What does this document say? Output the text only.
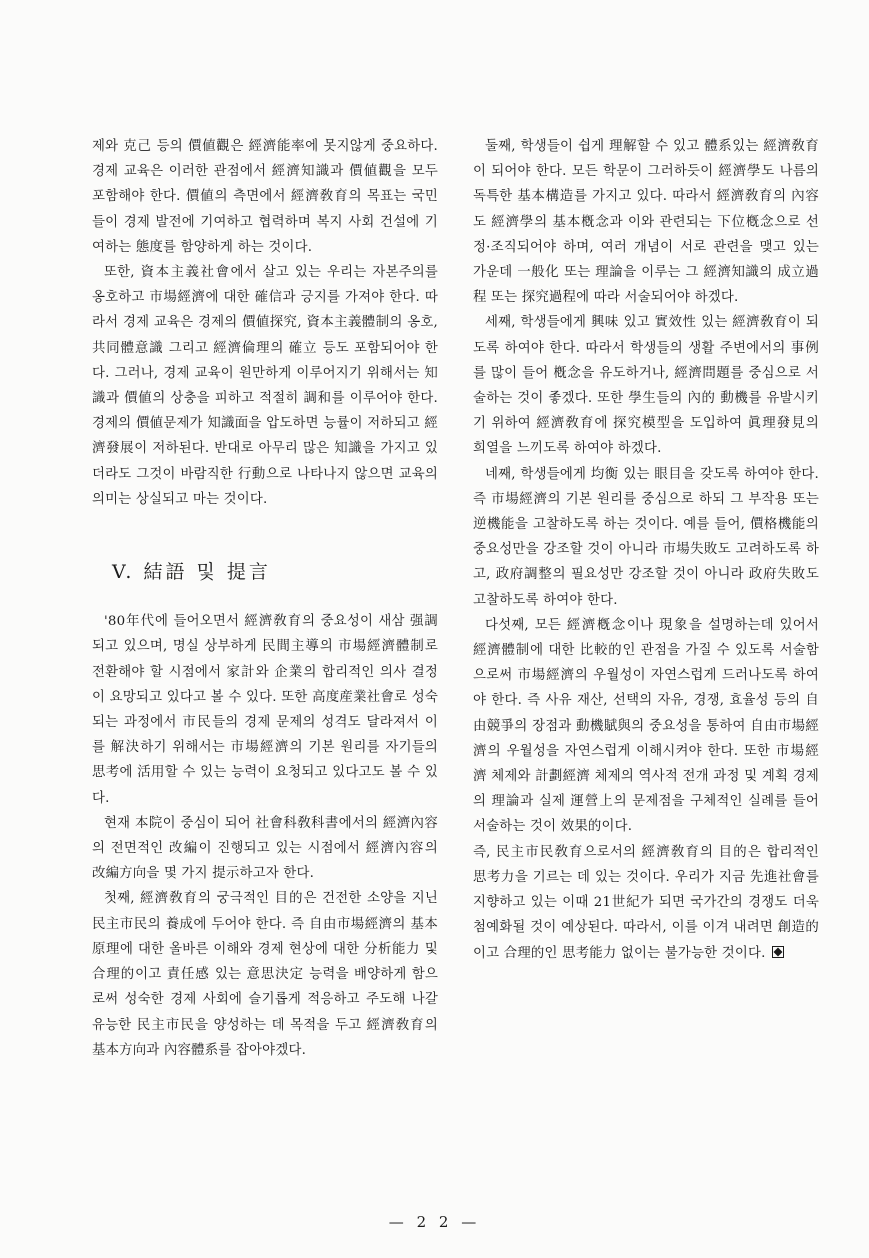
제와 克己 등의 價値觀은 經濟能率에 못지않게 중요하다. 경제 교육은 이러한 관점에서 經濟知識과 價値觀을 모두 포함해야 한다. 價値의 측면에서 經濟敎育의 목표는 국민들이 경제 발전에 기여하고 협력하며 복지 사회 건설에 기여하는 態度를 함양하게 하는 것이다.

또한, 資本主義社會에서 살고 있는 우리는 자본주의를 옹호하고 市場經濟에 대한 確信과 긍지를 가져야 한다. 따라서 경제 교육은 경제의 價値探究, 資本主義體制의 옹호, 共同體意識 그리고 經濟倫理의 確立 등도 포함되어야 한다. 그러나, 경제 교육이 원만하게 이루어지기 위해서는 知識과 價値의 상충을 피하고 적절히 調和를 이루어야 한다. 경제의 價値문제가 知識面을 압도하면 능률이 저하되고 經濟發展이 저하된다. 반대로 아무리 많은 知識을 가지고 있더라도 그것이 바람직한 行動으로 나타나지 않으면 교육의 의미는 상실되고 마는 것이다.

V. 結語 및 提言

'80年代에 들어오면서 經濟敎育의 중요성이 새삼 强調되고 있으며, 명실 상부하게 民間主導의 市場經濟體制로 전환해야 할 시점에서 家計와 企業의 합리적인 의사 결정이 요망되고 있다고 볼 수 있다. 또한 高度産業社會로 성숙되는 과정에서 市民들의 경제 문제의 성격도 달라져서 이를 解決하기 위해서는 市場經濟의 기본 원리를 자기들의 思考에 活用할 수 있는 능력이 요청되고 있다고도 볼 수 있다.

현재 本院이 중심이 되어 社會科敎科書에서의 經濟內容의 전면적인 改編이 진행되고 있는 시점에서 經濟內容의 改編方向을 몇 가지 提示하고자 한다.

첫째, 經濟敎育의 궁극적인 目的은 건전한 소양을 지닌 民主市民의 養成에 두어야 한다. 즉 自由市場經濟의 基本原理에 대한 올바른 이해와 경제 현상에 대한 分析能力 및 合理的이고 責任感 있는 意思決定 능력을 배양하게 함으로써 성숙한 경제 사회에 슬기롭게 적응하고 주도해 나갈 유능한 民主市民을 양성하는 데 목적을 두고 經濟敎育의 基本方向과 內容體系를 잡아야겠다.

둘째, 학생들이 쉽게 理解할 수 있고 體系있는 經濟敎育이 되어야 한다. 모든 학문이 그러하듯이 經濟學도 나름의 독특한 基本構造를 가지고 있다. 따라서 經濟敎育의 內容도 經濟學의 基本槪念과 이와 관련되는 下位槪念으로 선정·조직되어야 하며, 여러 개념이 서로 관련을 맺고 있는 가운데 一般化 또는 理論을 이루는 그 經濟知識의 成立過程 또는 探究過程에 따라 서술되어야 하겠다.

세째, 학생들에게 興味 있고 實效性 있는 經濟敎育이 되도록 하여야 한다. 따라서 학생들의 생활 주변에서의 事例를 많이 들어 槪念을 유도하거나, 經濟問題를 중심으로 서술하는 것이 좋겠다. 또한 學生들의 內的 動機를 유발시키기 위하여 經濟敎育에 探究模型을 도입하여 眞理發見의 희열을 느끼도록 하여야 하겠다.

네째, 학생들에게 均衡 있는 眼目을 갖도록 하여야 한다. 즉 市場經濟의 기본 원리를 중심으로 하되 그 부작용 또는 逆機能을 고찰하도록 하는 것이다. 예를 들어, 價格機能의 중요성만을 강조할 것이 아니라 市場失敗도 고려하도록 하고, 政府調整의 필요성만 강조할 것이 아니라 政府失敗도 고찰하도록 하여야 한다.

다섯째, 모든 經濟槪念이나 現象을 설명하는데 있어서 經濟體制에 대한 比較的인 관점을 가질 수 있도록 서술함으로써 市場經濟의 우월성이 자연스럽게 드러나도록 하여야 한다. 즉 사유 재산, 선택의 자유, 경쟁, 효율성 등의 自由競爭의 장점과 動機賦與의 중요성을 통하여 自由市場經濟의 우월성을 자연스럽게 이해시켜야 한다. 또한 市場經濟 체제와 計劃經濟 체제의 역사적 전개 과정 및 계획 경제의 理論과 실제 運營上의 문제점을 구체적인 실례를 들어 서술하는 것이 效果的이다.

즉, 民主市民敎育으로서의 經濟敎育의 目的은 합리적인 思考力을 기르는 데 있는 것이다. 우리가 지금 先進社會를 지향하고 있는 이때 21世紀가 되면 국가간의 경쟁도 더욱 첨예화될 것이 예상된다. 따라서, 이를 이겨 내려면 創造的이고 合理的인 思考能力 없이는 불가능한 것이다.

— 2 2 —
